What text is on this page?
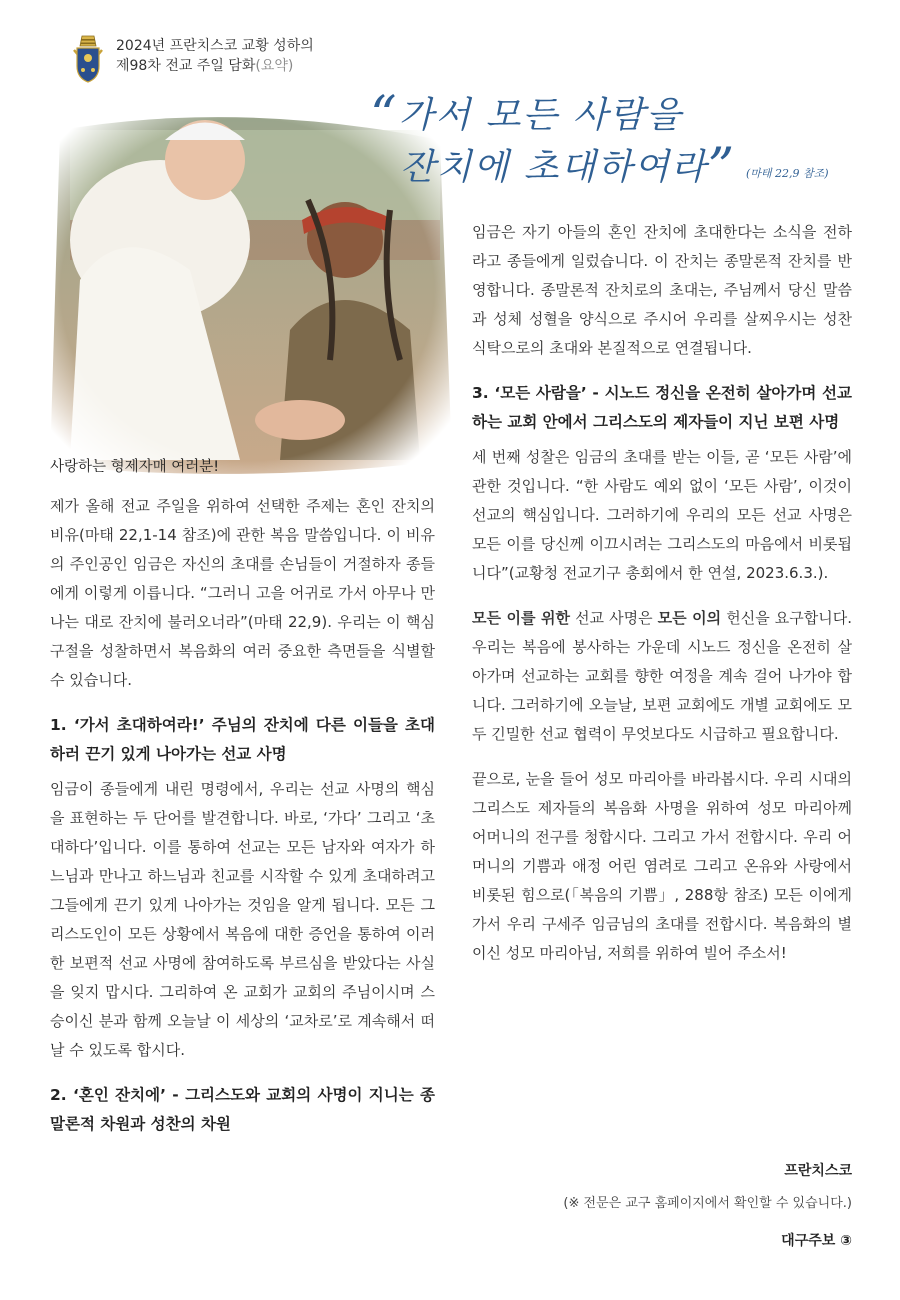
2024년 프란치스코 교황 성하의
제98차 전교 주일 담화(요약)
“가서 모든 사람을
잔치에 초대하여라” (마태 22,9 참조)
사랑하는 형제자매 여러분!

제가 올해 전교 주일을 위하여 선택한 주제는 혼인 잔치의 비유(마태 22,1-14 참조)에 관한 복음 말씀입니다. 이 비유의 주인공인 임금은 자신의 초대를 손님들이 거절하자 종들에게 이렇게 이릅니다. “그러니 고을 어귀로 가서 아무나 만나는 대로 잔치에 불러오너라”(마태 22,9). 우리는 이 핵심 구절을 성찰하면서 복음화의 여러 중요한 측면들을 식별할 수 있습니다.

1. ‘가서 초대하여라!’ 주님의 잔치에 다른 이들을 초대하러 끈기 있게 나아가는 선교 사명

임금이 종들에게 내린 명령에서, 우리는 선교 사명의 핵심을 표현하는 두 단어를 발견합니다. 바로, ‘가다’ 그리고 ‘초대하다’입니다. 이를 통하여 선교는 모든 남자와 여자가 하느님과 만나고 하느님과 친교를 시작할 수 있게 초대하려고 그들에게 끈기 있게 나아가는 것임을 알게 됩니다. 모든 그리스도인이 모든 상황에서 복음에 대한 증언을 통하여 이러한 보편적 선교 사명에 참여하도록 부르심을 받았다는 사실을 잊지 맙시다. 그리하여 온 교회가 교회의 주님이시며 스승이신 분과 함께 오늘날 이 세상의 ‘교차로’로 계속해서 떠날 수 있도록 합시다.

2. ‘혼인 잔치에’ - 그리스도와 교회의 사명이 지니는 종말론적 차원과 성찬의 차원

임금은 자기 아들의 혼인 잔치에 초대한다는 소식을 전하라고 종들에게 일렀습니다. 이 잔치는 종말론적 잔치를 반영합니다. 종말론적 잔치로의 초대는, 주님께서 당신 말씀과 성체 성혈을 양식으로 주시어 우리를 살찌우시는 성찬 식탁으로의 초대와 본질적으로 연결됩니다.

3. ‘모든 사람을’ - 시노드 정신을 온전히 살아가며 선교하는 교회 안에서 그리스도의 제자들이 지닌 보편 사명

세 번째 성찰은 임금의 초대를 받는 이들, 곧 ‘모든 사람’에 관한 것입니다. “한 사람도 예외 없이 ‘모든 사람’, 이것이 선교의 핵심입니다. 그러하기에 우리의 모든 선교 사명은 모든 이를 당신께 이끄시려는 그리스도의 마음에서 비롯됩니다”(교황청 전교기구 총회에서 한 연설, 2023.6.3.).

모든 이를 위한 선교 사명은 모든 이의 헌신을 요구합니다. 우리는 복음에 봉사하는 가운데 시노드 정신을 온전히 살아가며 선교하는 교회를 향한 여정을 계속 걸어 나가야 합니다. 그러하기에 오늘날, 보편 교회에도 개별 교회에도 모두 긴밀한 선교 협력이 무엇보다도 시급하고 필요합니다.

끝으로, 눈을 들어 성모 마리아를 바라봅시다. 우리 시대의 그리스도 제자들의 복음화 사명을 위하여 성모 마리아께 어머니의 전구를 청합시다. 그리고 가서 전합시다. 우리 어머니의 기쁨과 애정 어린 염려로 그리고 온유와 사랑에서 비롯된 힘으로(「복음의 기쁨」, 288항 참조) 모든 이에게 가서 우리 구세주 임금님의 초대를 전합시다. 복음화의 별이신 성모 마리아님, 저희를 위하여 빌어 주소서!

프란치스코
(※ 전문은 교구 홈페이지에서 확인할 수 있습니다.)
대구주보 ③
